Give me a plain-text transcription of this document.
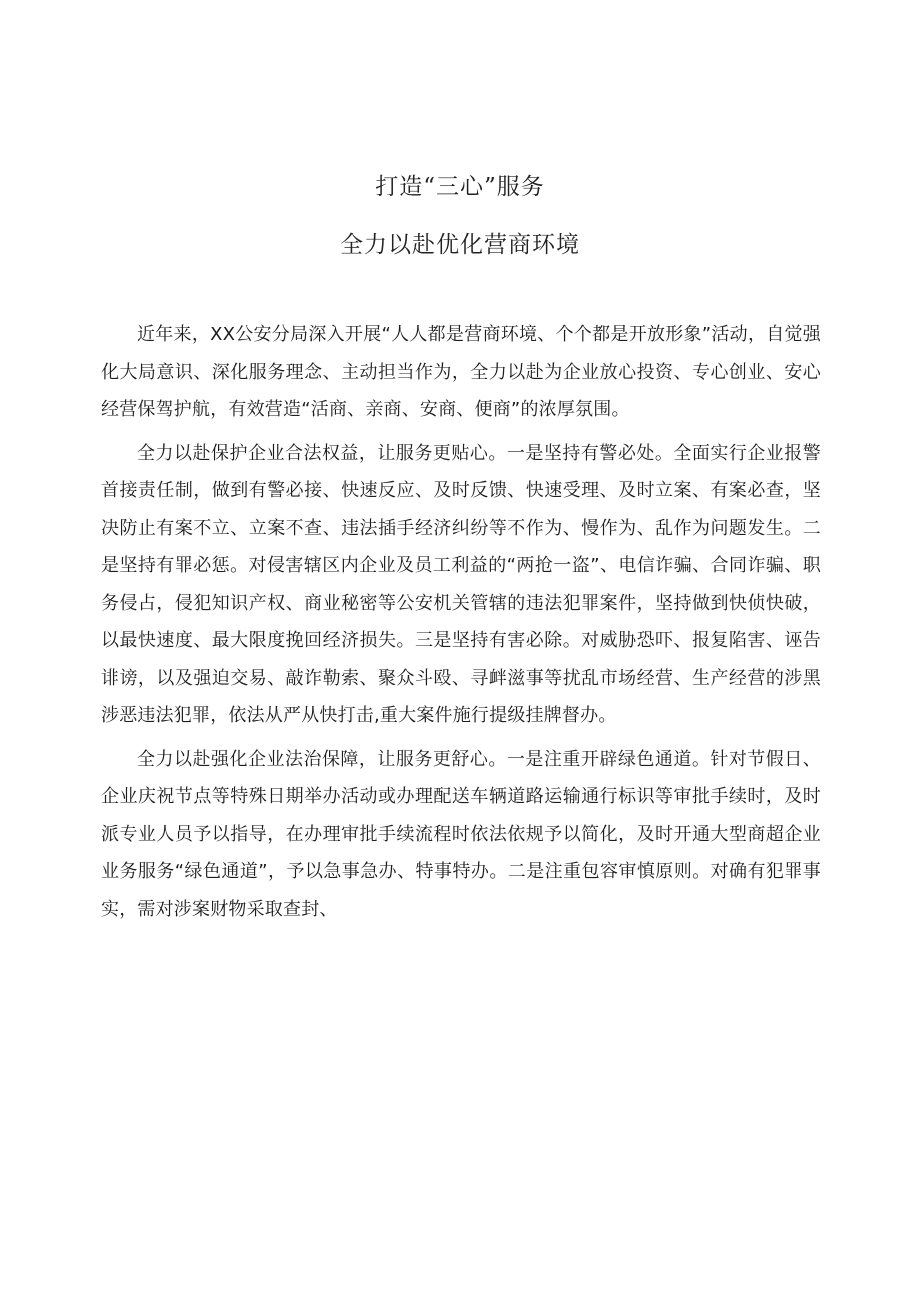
打造“三心”服务

全力以赴优化营商环境

近年来，XX公安分局深入开展“人人都是营商环境、个个都是开放形象”活动，自觉强化大局意识、深化服务理念、主动担当作为，全力以赴为企业放心投资、专心创业、安心经营保驾护航，有效营造“活商、亲商、安商、便商”的浓厚氛围。

全力以赴保护企业合法权益，让服务更贴心。一是坚持有警必处。全面实行企业报警首接责任制，做到有警必接、快速反应、及时反馈、快速受理、及时立案、有案必查，坚决防止有案不立、立案不查、违法插手经济纠纷等不作为、慢作为、乱作为问题发生。二是坚持有罪必惩。对侵害辖区内企业及员工利益的“两抢一盗”、电信诈骗、合同诈骗、职务侵占，侵犯知识产权、商业秘密等公安机关管辖的违法犯罪案件，坚持做到快侦快破，以最快速度、最大限度挽回经济损失。三是坚持有害必除。对威胁恐吓、报复陷害、诬告诽谤，以及强迫交易、敲诈勒索、聚众斗殴、寻衅滋事等扰乱市场经营、生产经营的涉黑涉恶违法犯罪，依法从严从快打击,重大案件施行提级挂牌督办。

全力以赴强化企业法治保障，让服务更舒心。一是注重开辟绿色通道。针对节假日、企业庆祝节点等特殊日期举办活动或办理配送车辆道路运输通行标识等审批手续时，及时派专业人员予以指导，在办理审批手续流程时依法依规予以简化，及时开通大型商超企业业务服务“绿色通道”，予以急事急办、特事特办。二是注重包容审慎原则。对确有犯罪事实，需对涉案财物采取查封、
